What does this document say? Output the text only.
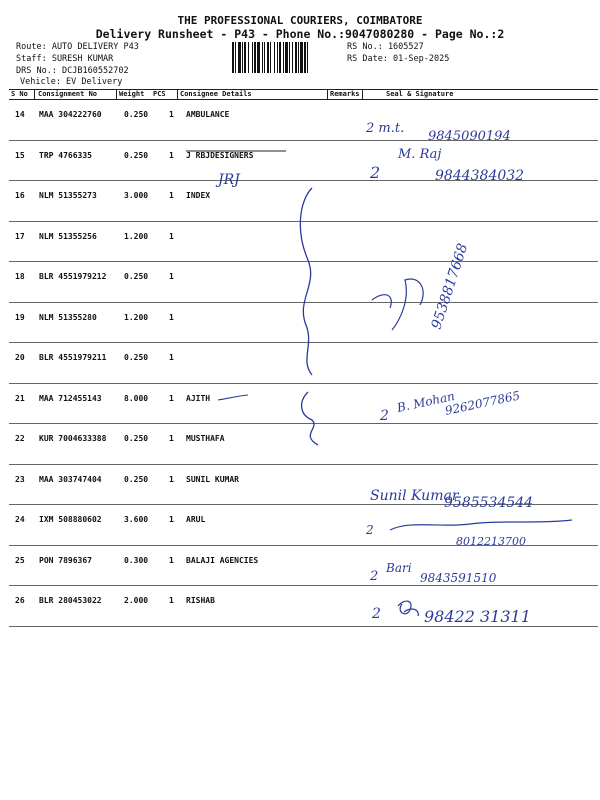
THE PROFESSIONAL COURIERS, COIMBATORE
Delivery Runsheet - P43 - Phone No.:9047080280 - Page No.:2
Route: AUTO DELIVERY P43
Staff: SURESH KUMAR
DRS No.: DCJB160552702
Vehicle: EV Delivery
RS No.: 1605527
RS Date: 01-Sep-2025
S No Consignment No	Weight PCS Consignee Details	Remarks	Seal & Signature
14 MAA 304222760	0.250	1 AMBULANCE
15 TRP 4766335	0.250	1 J RBJDESIGNERS
16 NLM 51355273	3.000	1 INDEX
17 NLM 51355256	1.200	1
18 BLR 4551979212 0.250	1
19 NLM 51355280	1.200	1
20 BLR 4551979211 0.250	1
21 MAA 712455143	8.000	1 AJITH
22 KUR 7004633388 0.250	1 MUSTHAFA
23 MAA 303747404	0.250	1 SUNIL KUMAR
24 IXM 508880602	3.600	1 ARUL
25 PON 7896367	0.300	1 BALAJI AGENCIES
26 BLR 280453022	2.000	1 RISHAB
2 m.t.
9845090194
M. Raj
2	9844384032
JRJ
9538817668
2
B. Mohan
9262077865
Sunil Kumar
9585534544
2
8012213700
2
Bari
9843591510
2	98422 31311
